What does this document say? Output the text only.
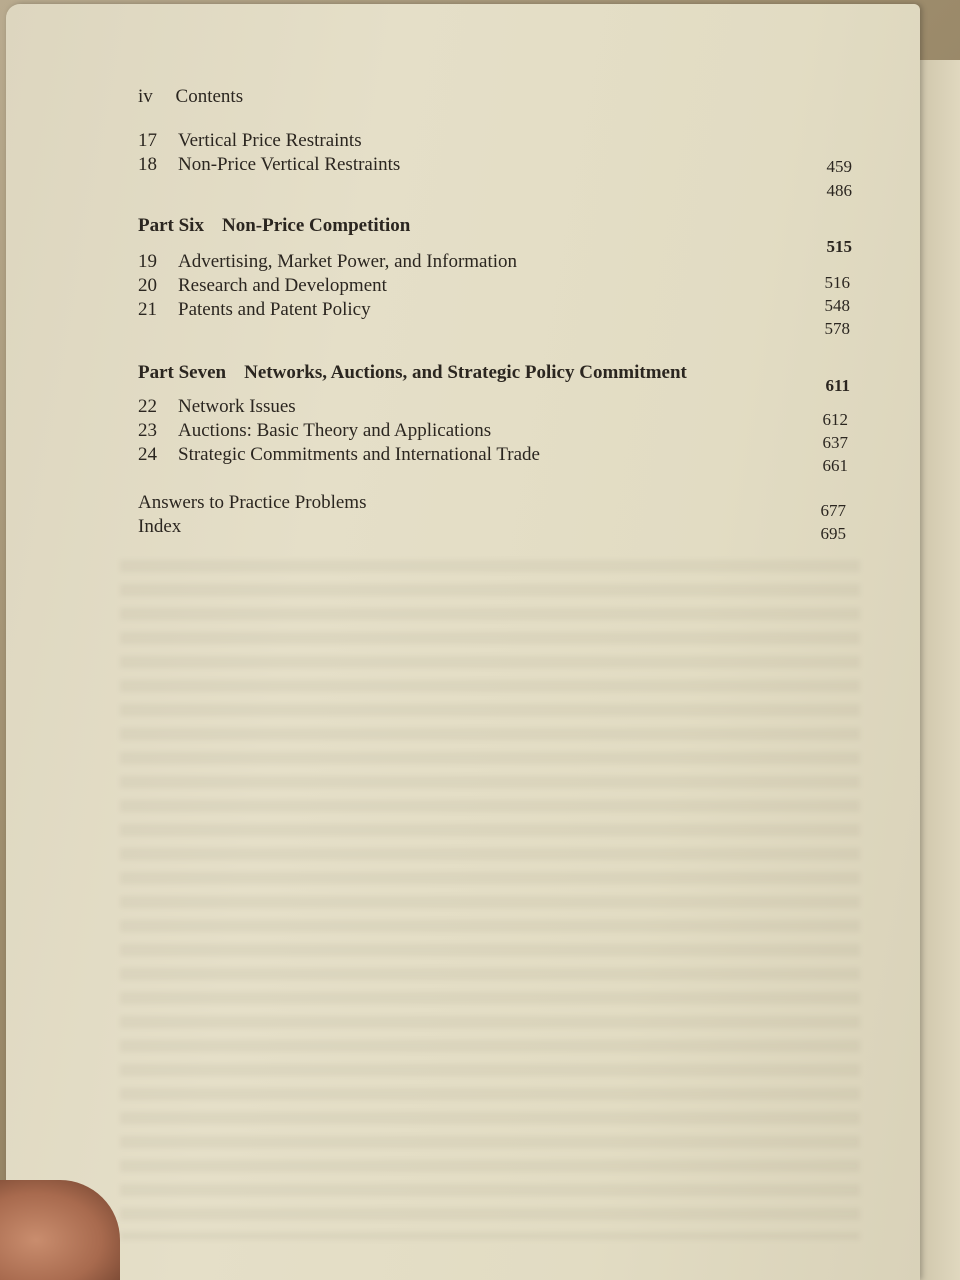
iv Contents
17 Vertical Price Restraints
459
18 Non-Price Vertical Restraints
486
Part Six Non-Price Competition
515
19 Advertising, Market Power, and Information
516
20 Research and Development
548
21 Patents and Patent Policy
578
Part Seven Networks, Auctions, and Strategic Policy Commitment
611
22 Network Issues
612
23 Auctions: Basic Theory and Applications
637
24 Strategic Commitments and International Trade
661
Answers to Practice Problems	677
Index	695
